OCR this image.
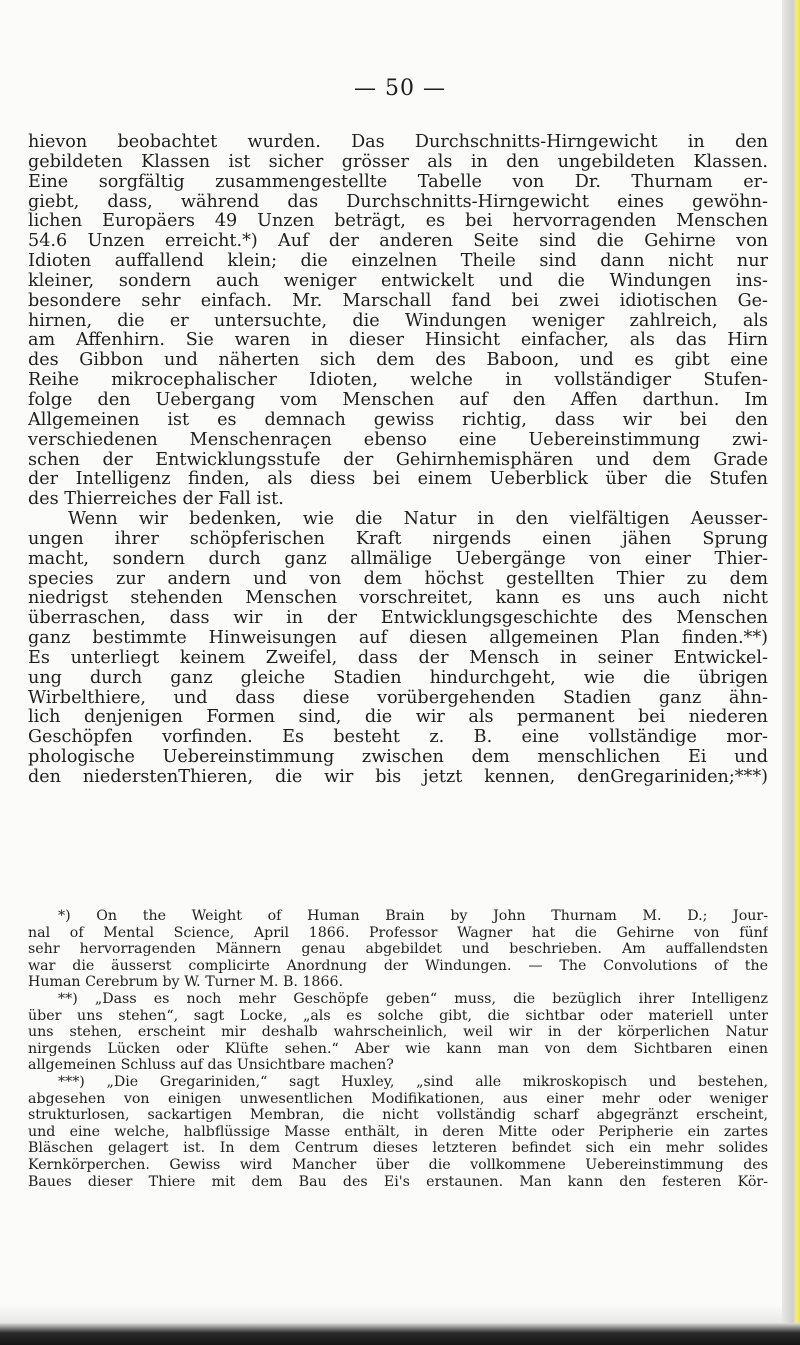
— 50 —
hievon beobachtet wurden. Das Durchschnitts-Hirngewicht in den
gebildeten Klassen ist sicher grösser als in den ungebildeten Klassen.
Eine sorgfältig zusammengestellte Tabelle von Dr. Thurnam er-
giebt, dass, während das Durchschnitts-Hirngewicht eines gewöhn-
lichen Europäers 49 Unzen beträgt, es bei hervorragenden Menschen
54.6 Unzen erreicht.*) Auf der anderen Seite sind die Gehirne von
Idioten auffallend klein; die einzelnen Theile sind dann nicht nur
kleiner, sondern auch weniger entwickelt und die Windungen ins-
besondere sehr einfach. Mr. Marschall fand bei zwei idiotischen Ge-
hirnen, die er untersuchte, die Windungen weniger zahlreich, als
am Affenhirn. Sie waren in dieser Hinsicht einfacher, als das Hirn
des Gibbon und näherten sich dem des Baboon, und es gibt eine
Reihe mikrocephalischer Idioten, welche in vollständiger Stufen-
folge den Uebergang vom Menschen auf den Affen darthun. Im
Allgemeinen ist es demnach gewiss richtig, dass wir bei den
verschiedenen Menschenraçen ebenso eine Uebereinstimmung zwi-
schen der Entwicklungsstufe der Gehirnhemisphären und dem Grade
der Intelligenz finden, als diess bei einem Ueberblick über die Stufen
des Thierreiches der Fall ist.
Wenn wir bedenken, wie die Natur in den vielfältigen Aeusser-
ungen ihrer schöpferischen Kraft nirgends einen jähen Sprung
macht, sondern durch ganz allmälige Uebergänge von einer Thier-
species zur andern und von dem höchst gestellten Thier zu dem
niedrigst stehenden Menschen vorschreitet, kann es uns auch nicht
überraschen, dass wir in der Entwicklungsgeschichte des Menschen
ganz bestimmte Hinweisungen auf diesen allgemeinen Plan finden.**)
Es unterliegt keinem Zweifel, dass der Mensch in seiner Entwickel-
ung durch ganz gleiche Stadien hindurchgeht, wie die übrigen
Wirbelthiere, und dass diese vorübergehenden Stadien ganz ähn-
lich denjenigen Formen sind, die wir als permanent bei niederen
Geschöpfen vorfinden. Es besteht z. B. eine vollständige mor-
phologische Uebereinstimmung zwischen dem menschlichen Ei und
den niederstenThieren, die wir bis jetzt kennen, denGregariniden;***)
*) On the Weight of Human Brain by John Thurnam M. D.; Jour-
nal of Mental Science, April 1866. Professor Wagner hat die Gehirne von fünf
sehr hervorragenden Männern genau abgebildet und beschrieben. Am auffallendsten
war die äusserst complicirte Anordnung der Windungen. — The Convolutions of the
Human Cerebrum by W. Turner M. B. 1866.
**) „Dass es noch mehr Geschöpfe geben“ muss, die bezüglich ihrer Intelligenz
über uns stehen“, sagt Locke, „als es solche gibt, die sichtbar oder materiell unter
uns stehen, erscheint mir deshalb wahrscheinlich, weil wir in der körperlichen Natur
nirgends Lücken oder Klüfte sehen.“ Aber wie kann man von dem Sichtbaren einen
allgemeinen Schluss auf das Unsichtbare machen?
***) „Die Gregariniden,“ sagt Huxley, „sind alle mikroskopisch und bestehen,
abgesehen von einigen unwesentlichen Modifikationen, aus einer mehr oder weniger
strukturlosen, sackartigen Membran, die nicht vollständig scharf abgegränzt erscheint,
und eine welche, halbflüssige Masse enthält, in deren Mitte oder Peripherie ein zartes
Bläschen gelagert ist. In dem Centrum dieses letzteren befindet sich ein mehr solides
Kernkörperchen. Gewiss wird Mancher über die vollkommene Uebereinstimmung des
Baues dieser Thiere mit dem Bau des Ei's erstaunen. Man kann den festeren Kör-
